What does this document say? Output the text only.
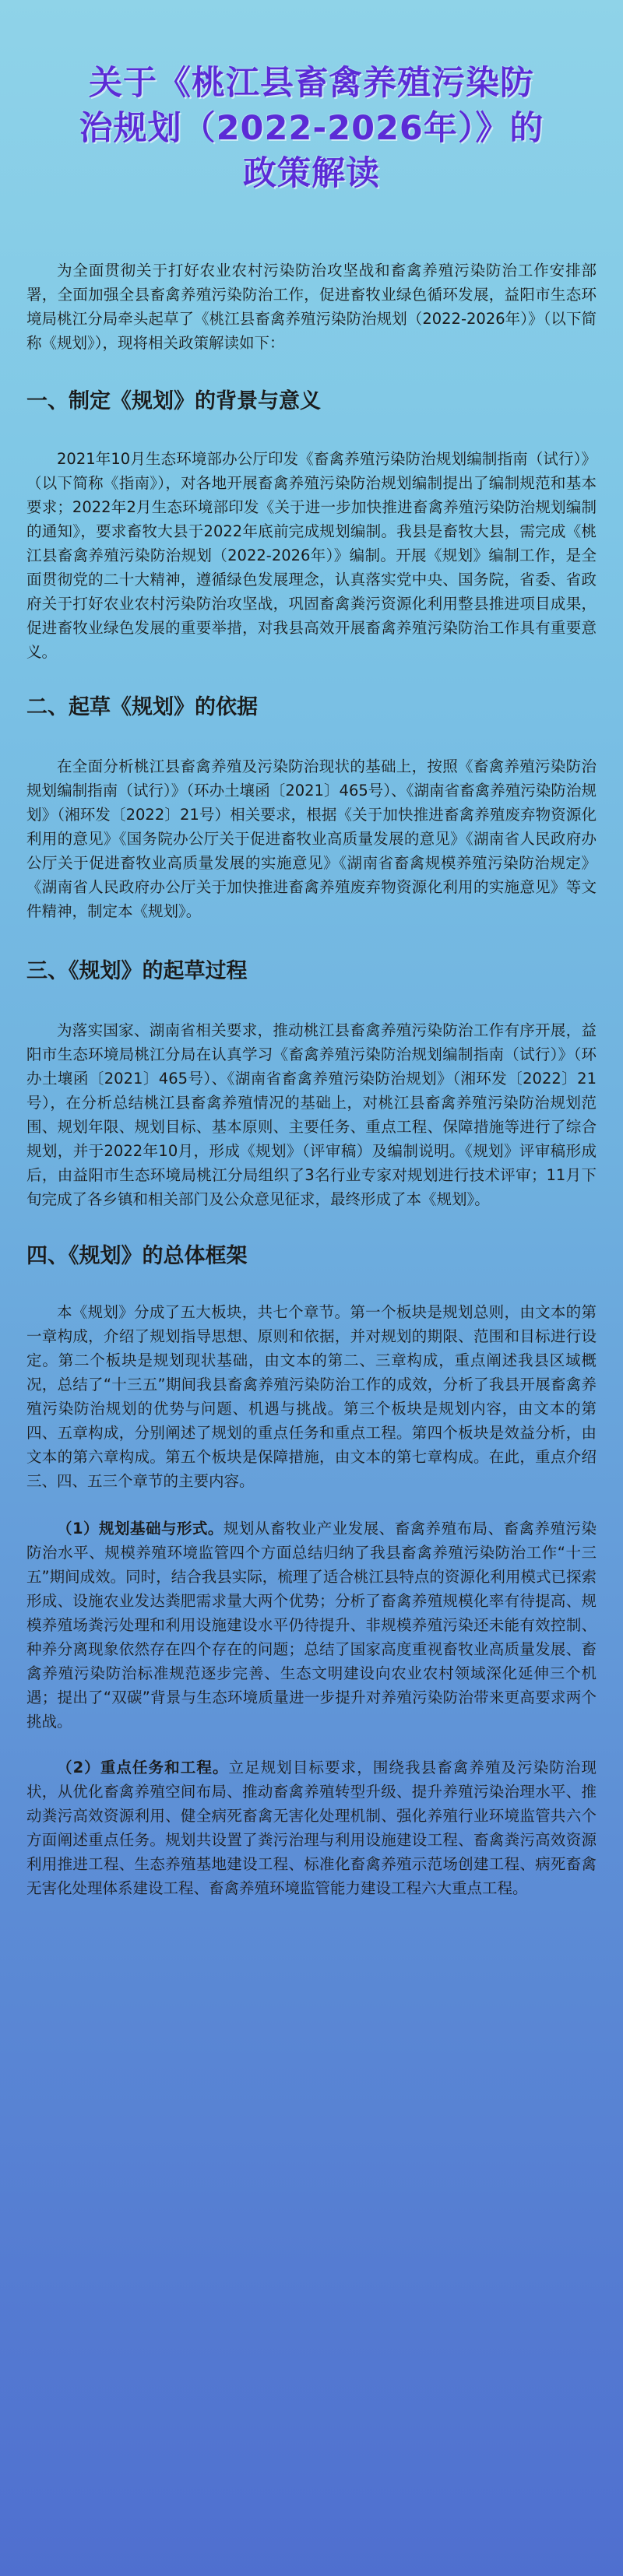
关于《桃江县畜禽养殖污染防
治规划（2022-2026年）》的
政策解读

为全面贯彻关于打好农业农村污染防治攻坚战和畜禽养殖污染防治工作安排部署，全面加强全县畜禽养殖污染防治工作，促进畜牧业绿色循环发展，益阳市生态环境局桃江分局牵头起草了《桃江县畜禽养殖污染防治规划（2022-2026年）》（以下简称《规划》），现将相关政策解读如下：

一、制定《规划》的背景与意义

2021年10月生态环境部办公厅印发《畜禽养殖污染防治规划编制指南（试行）》（以下简称《指南》），对各地开展畜禽养殖污染防治规划编制提出了编制规范和基本要求；2022年2月生态环境部印发《关于进一步加快推进畜禽养殖污染防治规划编制的通知》，要求畜牧大县于2022年底前完成规划编制。我县是畜牧大县，需完成《桃江县畜禽养殖污染防治规划（2022-2026年）》编制。开展《规划》编制工作，是全面贯彻党的二十大精神，遵循绿色发展理念，认真落实党中央、国务院，省委、省政府关于打好农业农村污染防治攻坚战，巩固畜禽粪污资源化利用整县推进项目成果，促进畜牧业绿色发展的重要举措，对我县高效开展畜禽养殖污染防治工作具有重要意义。

二、起草《规划》的依据

在全面分析桃江县畜禽养殖及污染防治现状的基础上，按照《畜禽养殖污染防治规划编制指南（试行）》（环办土壤函〔2021〕465号）、《湖南省畜禽养殖污染防治规划》（湘环发〔2022〕21号）相关要求，根据《关于加快推进畜禽养殖废弃物资源化利用的意见》《国务院办公厅关于促进畜牧业高质量发展的意见》《湖南省人民政府办公厅关于促进畜牧业高质量发展的实施意见》《湖南省畜禽规模养殖污染防治规定》《湖南省人民政府办公厅关于加快推进畜禽养殖废弃物资源化利用的实施意见》等文件精神，制定本《规划》。

三、《规划》的起草过程

为落实国家、湖南省相关要求，推动桃江县畜禽养殖污染防治工作有序开展，益阳市生态环境局桃江分局在认真学习《畜禽养殖污染防治规划编制指南（试行）》（环办土壤函〔2021〕465号）、《湖南省畜禽养殖污染防治规划》（湘环发〔2022〕21号），在分析总结桃江县畜禽养殖情况的基础上，对桃江县畜禽养殖污染防治规划范围、规划年限、规划目标、基本原则、主要任务、重点工程、保障措施等进行了综合规划，并于2022年10月，形成《规划》（评审稿）及编制说明。《规划》评审稿形成后，由益阳市生态环境局桃江分局组织了3名行业专家对规划进行技术评审；11月下旬完成了各乡镇和相关部门及公众意见征求，最终形成了本《规划》。

四、《规划》的总体框架

本《规划》分成了五大板块，共七个章节。第一个板块是规划总则，由文本的第一章构成，介绍了规划指导思想、原则和依据，并对规划的期限、范围和目标进行设定。第二个板块是规划现状基础，由文本的第二、三章构成，重点阐述我县区域概况，总结了“十三五”期间我县畜禽养殖污染防治工作的成效，分析了我县开展畜禽养殖污染防治规划的优势与问题、机遇与挑战。第三个板块是规划内容，由文本的第四、五章构成，分别阐述了规划的重点任务和重点工程。第四个板块是效益分析，由文本的第六章构成。第五个板块是保障措施，由文本的第七章构成。在此，重点介绍三、四、五三个章节的主要内容。

（1）规划基础与形式。规划从畜牧业产业发展、畜禽养殖布局、畜禽养殖污染防治水平、规模养殖环境监管四个方面总结归纳了我县畜禽养殖污染防治工作“十三五”期间成效。同时，结合我县实际，梳理了适合桃江县特点的资源化利用模式已探索形成、设施农业发达粪肥需求量大两个优势；分析了畜禽养殖规模化率有待提高、规模养殖场粪污处理和利用设施建设水平仍待提升、非规模养殖污染还未能有效控制、种养分离现象依然存在四个存在的问题；总结了国家高度重视畜牧业高质量发展、畜禽养殖污染防治标准规范逐步完善、生态文明建设向农业农村领域深化延伸三个机遇；提出了“双碳”背景与生态环境质量进一步提升对养殖污染防治带来更高要求两个挑战。

（2）重点任务和工程。立足规划目标要求，围绕我县畜禽养殖及污染防治现状，从优化畜禽养殖空间布局、推动畜禽养殖转型升级、提升养殖污染治理水平、推动粪污高效资源利用、健全病死畜禽无害化处理机制、强化养殖行业环境监管共六个方面阐述重点任务。规划共设置了粪污治理与利用设施建设工程、畜禽粪污高效资源利用推进工程、生态养殖基地建设工程、标准化畜禽养殖示范场创建工程、病死畜禽无害化处理体系建设工程、畜禽养殖环境监管能力建设工程六大重点工程。
